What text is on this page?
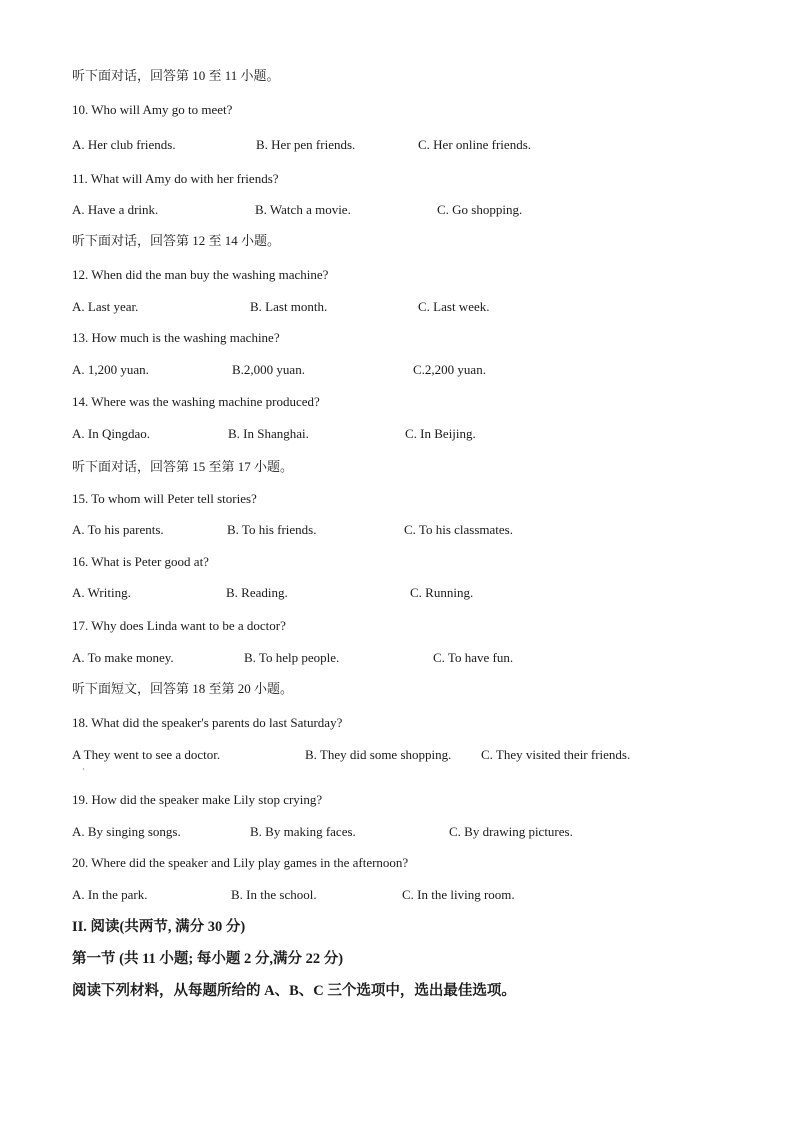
听下面对话，回答第 10 至 11 小题。
10. Who will Amy go to meet?
A. Her club friends.	B. Her pen friends.	C. Her online friends.
11. What will Amy do with her friends?
A. Have a drink.	B. Watch a movie.	C. Go shopping.
听下面对话，回答第 12 至 14 小题。
12. When did the man buy the washing machine?
A. Last year.	B. Last month.	C. Last week.
13. How much is the washing machine?
A. 1,200 yuan.	B.2,000 yuan.	C.2,200 yuan.
14. Where was the washing machine produced?
A. In Qingdao.	B. In Shanghai.	C. In Beijing.
听下面对话，回答第 15 至第 17 小题。
15. To whom will Peter tell stories?
A. To his parents.	B. To his friends.	C. To his classmates.
16. What is Peter good at?
A. Writing.	B. Reading.	C. Running.
17. Why does Linda want to be a doctor?
A. To make money.	B. To help people.	C. To have fun.
听下面短文，回答第 18 至第 20 小题。
18. What did the speaker's parents do last Saturday?
A They went to see a doctor.	B. They did some shopping. C. They visited their friends.
·
19. How did the speaker make Lily stop crying?
A. By singing songs.	B. By making faces.	C. By drawing pictures.
20. Where did the speaker and Lily play games in the afternoon?
A. In the park.	B. In the school.	C. In the living room.
II. 阅读(共两节, 满分 30 分)
第一节 (共 11 小题; 每小题 2 分,满分 22 分)
阅读下列材料，从每题所给的 A、B、C 三个选项中，选出最佳选项。
